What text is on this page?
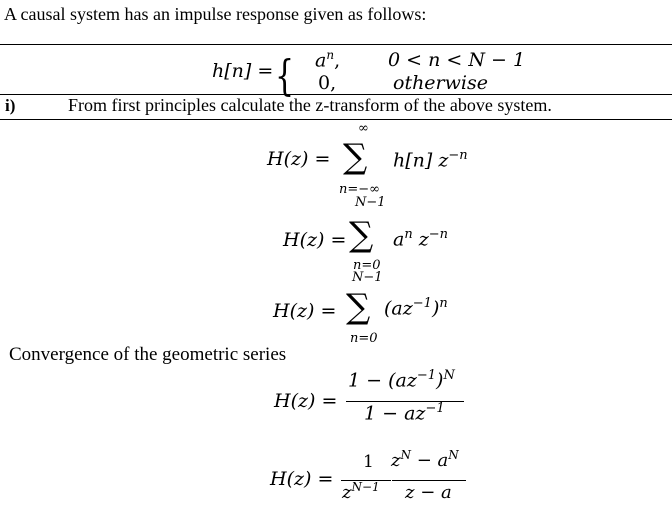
A causal system has an impulse response given as follows:
h[n] = { $a^n$,	0 < n < N − 1
0,	otherwise
i)	From first principles calculate the z-transform of the above system.
∞
H(z) = ∑ h[n] $z^{-n}$
n=−∞
N−1
H(z) = ∑ $a^n$ $z^{-n}$
n=0
N−1
H(z) = ∑ $(az^{-1})^n$
n=0
Convergence of the geometric series
$1 - (az^{-1})^N$
H(z) =
$1 - az^{-1}$
1 $z^N - a^N$
H(z) =
$z^{N-1}$ z − a
